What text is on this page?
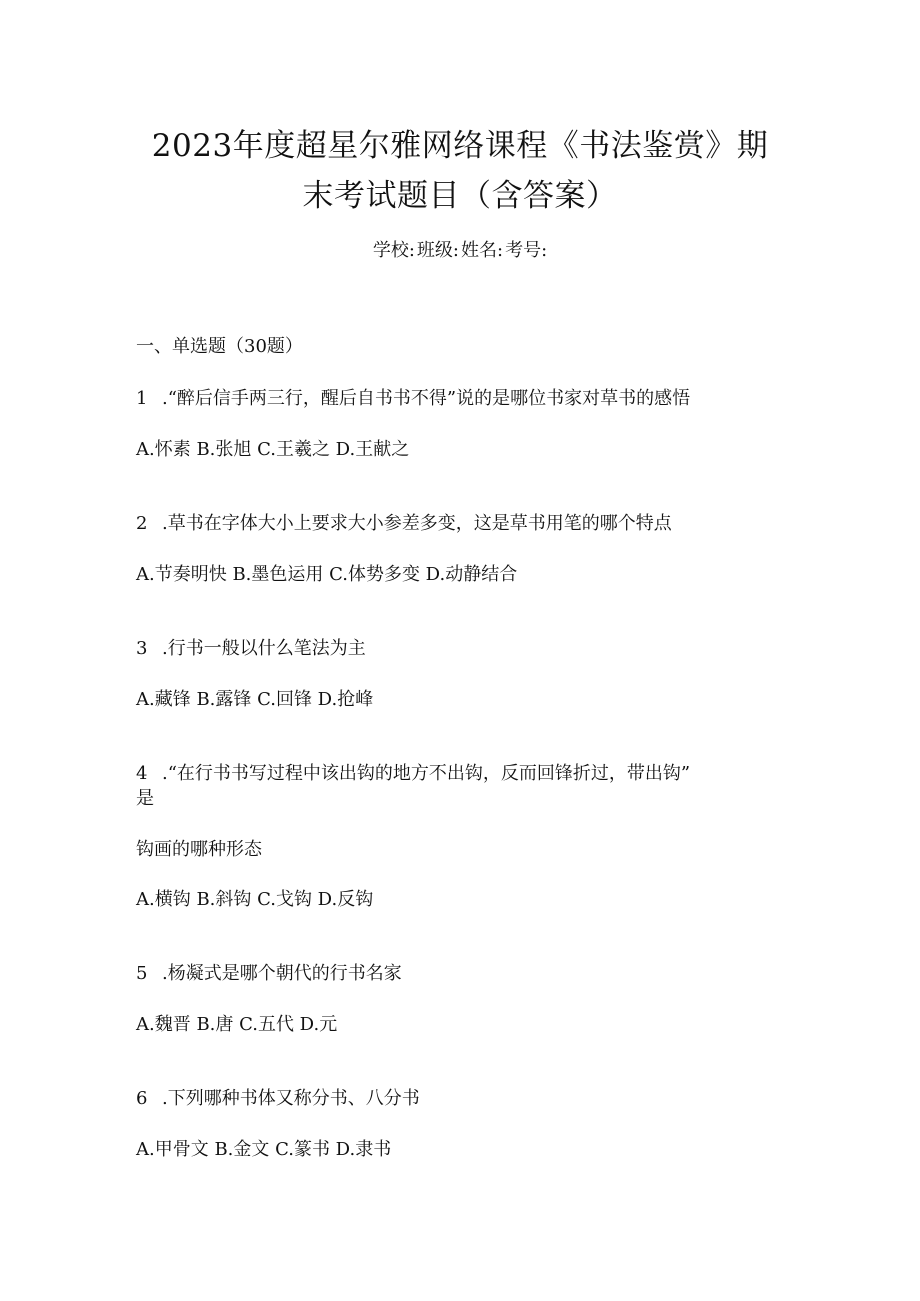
2023年度超星尔雅网络课程《书法鉴赏》期
末考试题目（含答案）
学校: 班级: 姓名: 考号:
一、单选题（30题）
1 .“醉后信手两三行，醒后自书书不得”说的是哪位书家对草书的感悟
A.怀素 B.张旭 C.王羲之 D.王献之
2 .草书在字体大小上要求大小参差多变，这是草书用笔的哪个特点
A.节奏明快 B.墨色运用 C.体势多变 D.动静结合
3 .行书一般以什么笔法为主
A.藏锋 B.露锋 C.回锋 D.抢峰
4 .“在行书书写过程中该出钩的地方不出钩，反而回锋折过，带出钩”
是
钩画的哪种形态
A.横钩 B.斜钩 C.戈钩 D.反钩
5 .杨凝式是哪个朝代的行书名家
A.魏晋 B.唐 C.五代 D.元
6 .下列哪种书体又称分书、八分书
A.甲骨文 B.金文 C.篆书 D.隶书
